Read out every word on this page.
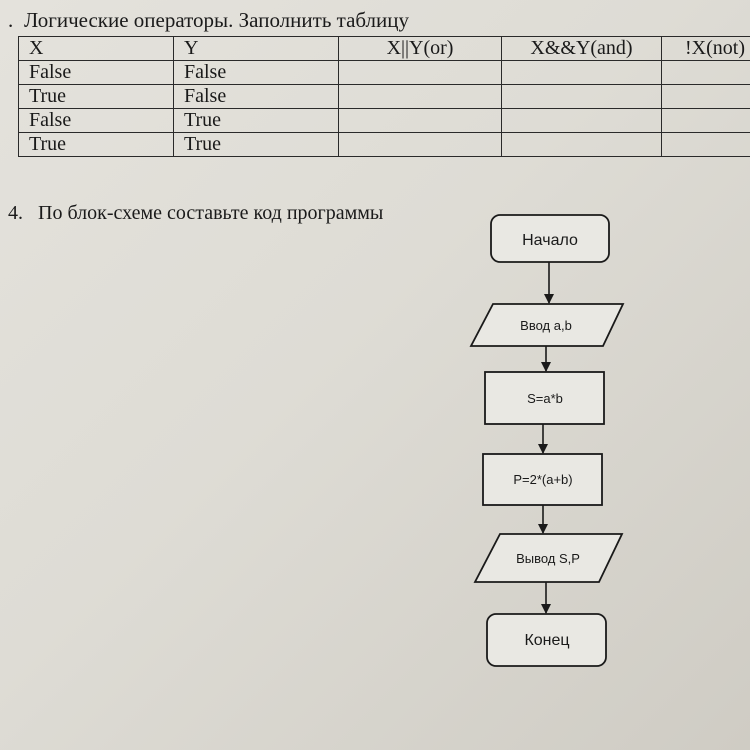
. Логические операторы. Заполнить таблицу
X	Y	X||Y(or)	X&&Y(and)	!X(not)
False	False			
True	False			
False	True			
True	True			
4. По блок-схеме составьте код программы
Начало
Ввод a,b
S=a*b
P=2*(a+b)
Вывод S,P
Конец
